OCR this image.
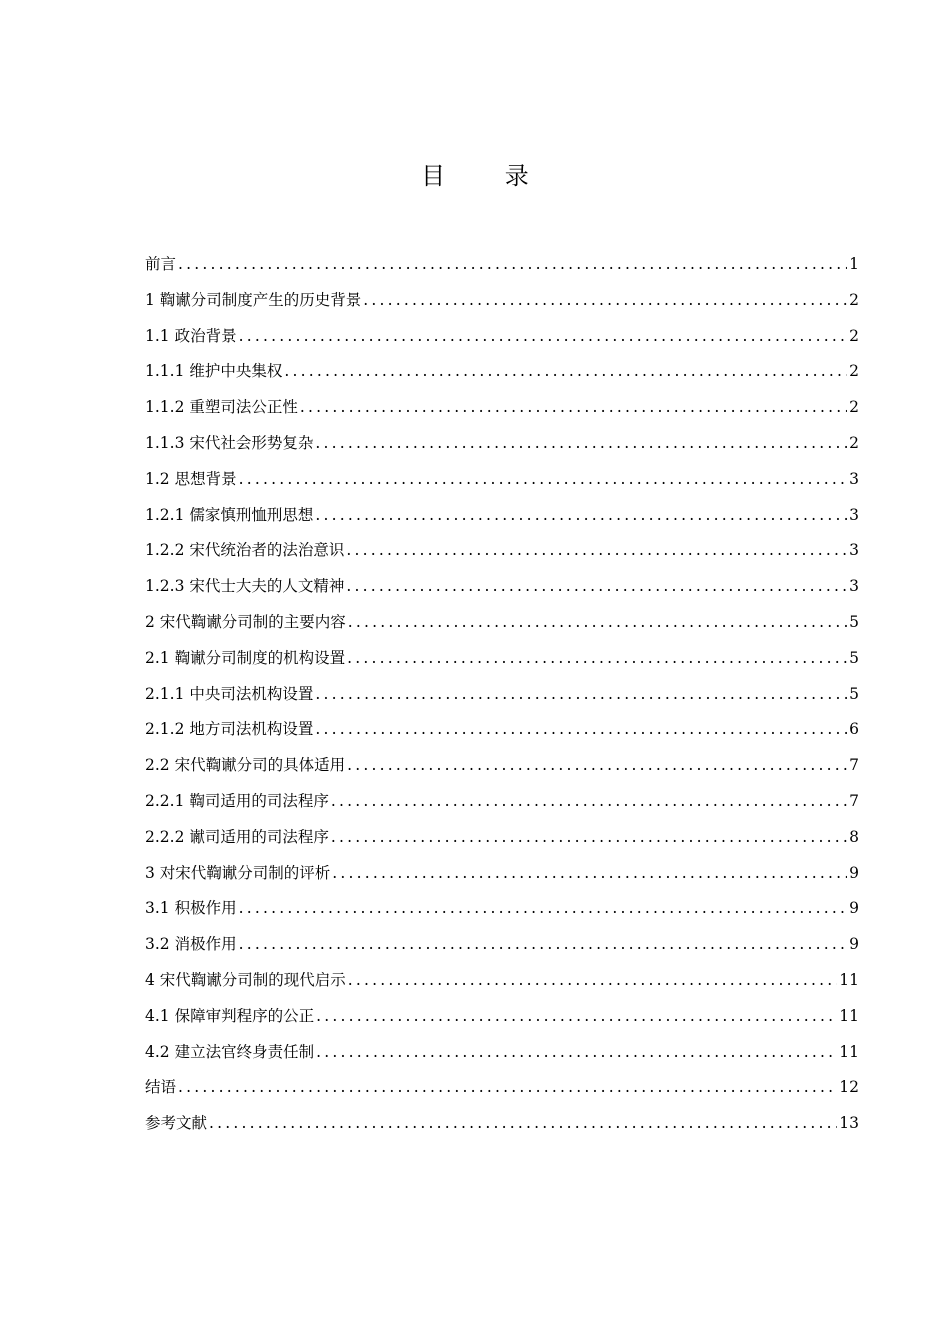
目 录
前言 .....	1
1 鞫谳分司制度产生的历史背景 .....	2
1.1 政治背景 .....	2
1.1.1 维护中央集权 .....	2
1.1.2 重塑司法公正性 .....	2
1.1.3 宋代社会形势复杂 .....	2
1.2 思想背景 .....	3
1.2.1 儒家慎刑恤刑思想 .....	3
1.2.2 宋代统治者的法治意识 .....	3
1.2.3 宋代士大夫的人文精神 .....	3
2 宋代鞫谳分司制的主要内容 .....	5
2.1 鞫谳分司制度的机构设置 .....	5
2.1.1 中央司法机构设置 .....	5
2.1.2 地方司法机构设置 .....	6
2.2 宋代鞫谳分司的具体适用 .....	7
2.2.1 鞫司适用的司法程序 .....	7
2.2.2 谳司适用的司法程序 .....	8
3 对宋代鞫谳分司制的评析 .....	9
3.1 积极作用 .....	9
3.2 消极作用 .....	9
4 宋代鞫谳分司制的现代启示 .....	11
4.1 保障审判程序的公正 .....	11
4.2 建立法官终身责任制 .....	11
结语 .....	12
参考文献 .....	13
